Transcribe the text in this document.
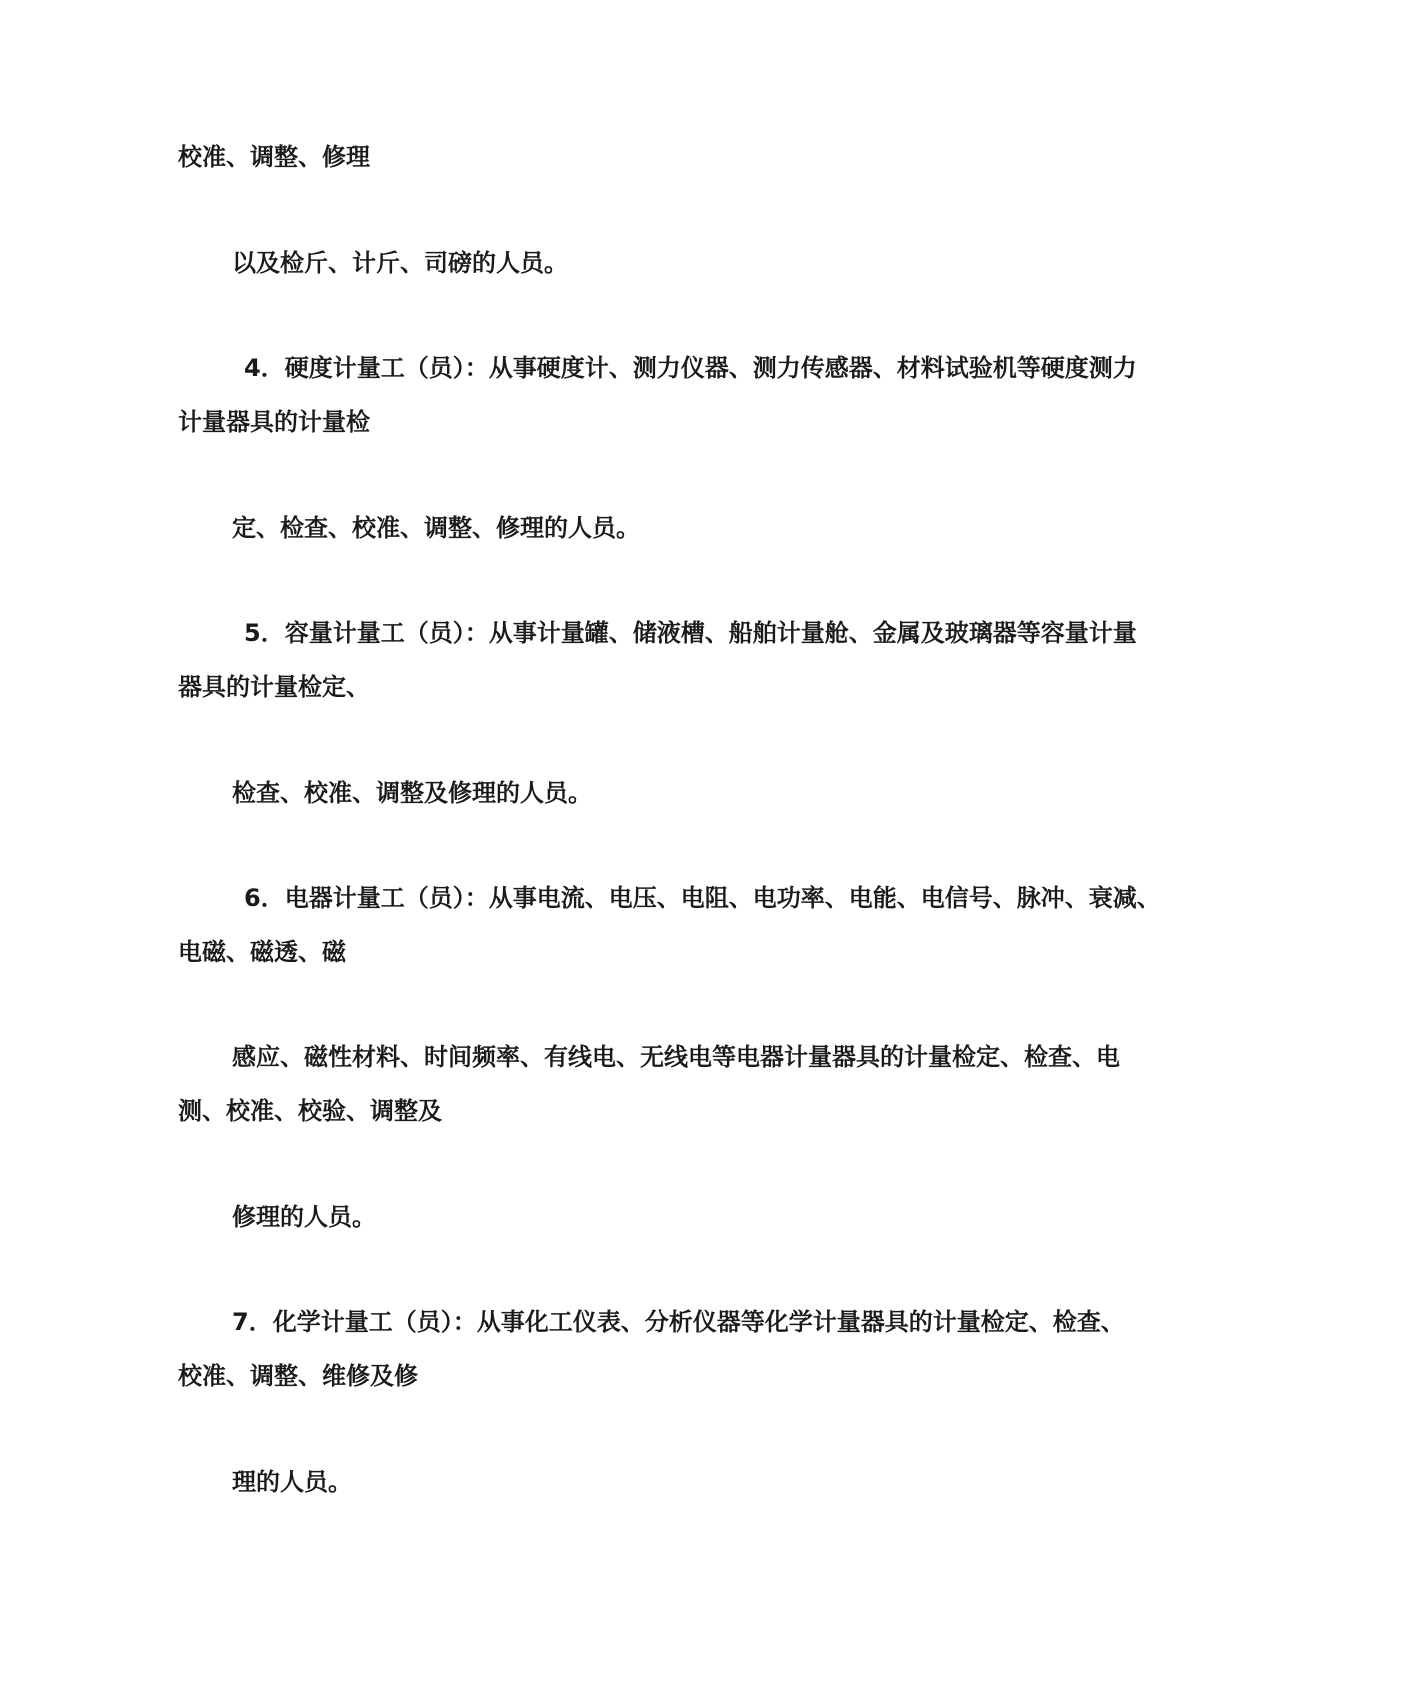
校准、调整、修理

以及检斤、计斤、司磅的人员。

4．硬度计量工（员）：从事硬度计、测力仪器、测力传感器、材料试验机等硬度测力

计量器具的计量检

定、检查、校准、调整、修理的人员。

5．容量计量工（员）：从事计量罐、储液槽、船舶计量舱、金属及玻璃器等容量计量

器具的计量检定、

检查、校准、调整及修理的人员。

6．电器计量工（员）：从事电流、电压、电阻、电功率、电能、电信号、脉冲、衰减、

电磁、磁透、磁

感应、磁性材料、时间频率、有线电、无线电等电器计量器具的计量检定、检查、电

测、校准、校验、调整及

修理的人员。

7．化学计量工（员）：从事化工仪表、分析仪器等化学计量器具的计量检定、检查、

校准、调整、维修及修

理的人员。
